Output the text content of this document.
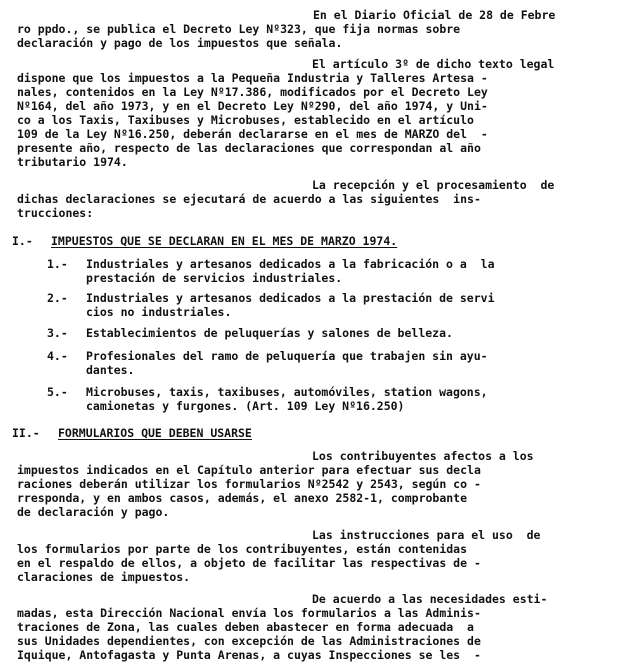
En el Diario Oficial de 28 de Febre
ro ppdo., se publica el Decreto Ley Nº323, que fija normas sobre
declaración y pago de los impuestos que señala.
El artículo 3º de dicho texto legal
dispone que los impuestos a la Pequeña Industria y Talleres Artesa -
nales, contenidos en la Ley Nº17.386, modificados por el Decreto Ley
Nº164, del año 1973, y en el Decreto Ley Nº290, del año 1974, y Uni-
co a los Taxis, Taxibuses y Microbuses, establecido en el artículo
109 de la Ley Nº16.250, deberán declararse en el mes de MARZO del  -
presente año, respecto de las declaraciones que correspondan al año
tributario 1974.
La recepción y el procesamiento  de
dichas declaraciones se ejecutará de acuerdo a las siguientes  ins-
trucciones:
I.- IMPUESTOS QUE SE DECLARAN EN EL MES DE MARZO 1974.
1.- Industriales y artesanos dedicados a la fabricación o a  la
prestación de servicios industriales.
2.- Industriales y artesanos dedicados a la prestación de servi
cios no industriales.
3.- Establecimientos de peluquerías y salones de belleza.
4.- Profesionales del ramo de peluquería que trabajen sin ayu-
dantes.
5.- Microbuses, taxis, taxibuses, automóviles, station wagons,
camionetas y furgones. (Art. 109 Ley Nº16.250)
II.- FORMULARIOS QUE DEBEN USARSE
Los contribuyentes afectos a los
impuestos indicados en el Capítulo anterior para efectuar sus decla
raciones deberán utilizar los formularios Nº2542 y 2543, según co -
rresponda, y en ambos casos, además, el anexo 2582-1, comprobante
de declaración y pago.
Las instrucciones para el uso  de
los formularios por parte de los contribuyentes, están contenidas
en el respaldo de ellos, a objeto de facilitar las respectivas de -
claraciones de impuestos.
De acuerdo a las necesidades esti-
madas, esta Dirección Nacional envía los formularios a las Adminis-
traciones de Zona, las cuales deben abastecer en forma adecuada  a
sus Unidades dependientes, con excepción de las Administraciones de
Iquique, Antofagasta y Punta Arenas, a cuyas Inspecciones se les  -
